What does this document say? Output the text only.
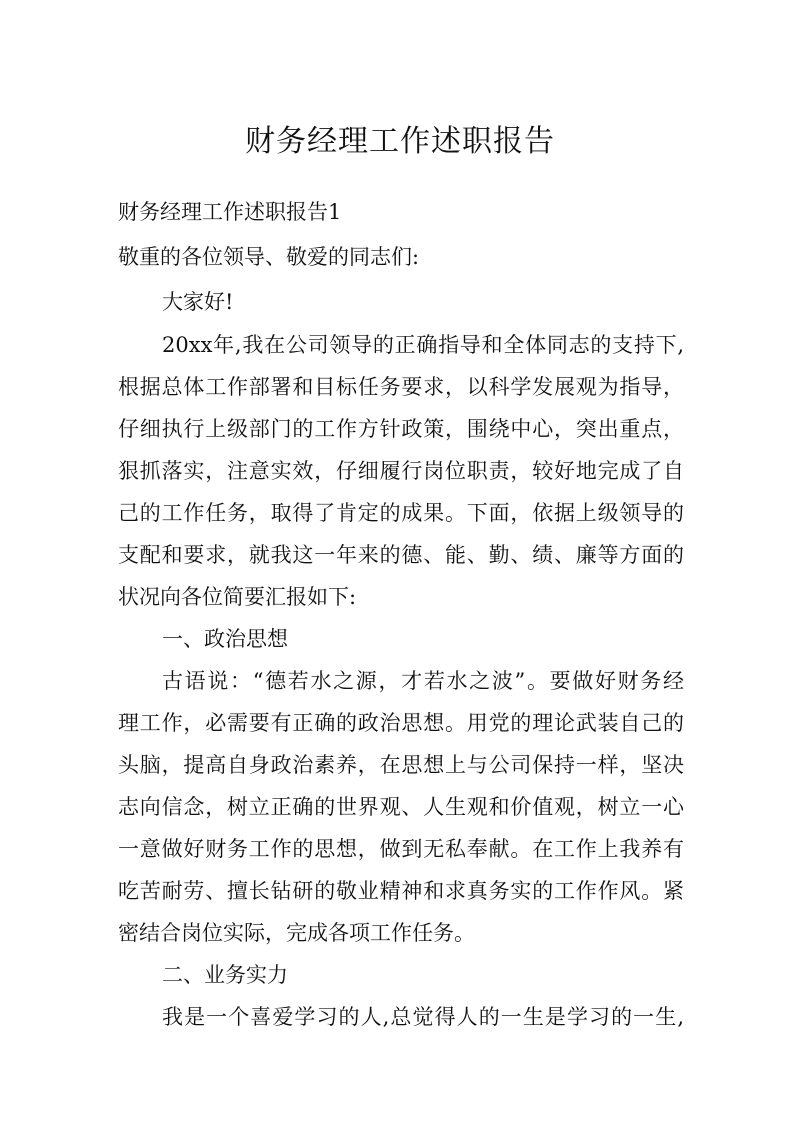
财务经理工作述职报告

财务经理工作述职报告1

敬重的各位领导、敬爱的同志们:

大家好!

20xx年,我在公司领导的正确指导和全体同志的支持下,

根据总体工作部署和目标任务要求，以科学发展观为指导，

仔细执行上级部门的工作方针政策，围绕中心，突出重点，

狠抓落实，注意实效，仔细履行岗位职责，较好地完成了自

己的工作任务，取得了肯定的成果。下面，依据上级领导的

支配和要求，就我这一年来的德、能、勤、绩、廉等方面的

状况向各位简要汇报如下:

一、政治思想

古语说：“德若水之源，才若水之波”。要做好财务经

理工作，必需要有正确的政治思想。用党的理论武装自己的

头脑，提高自身政治素养，在思想上与公司保持一样，坚决

志向信念，树立正确的世界观、人生观和价值观，树立一心

一意做好财务工作的思想，做到无私奉献。在工作上我养有

吃苦耐劳、擅长钻研的敬业精神和求真务实的工作作风。紧

密结合岗位实际，完成各项工作任务。

二、业务实力

我是一个喜爱学习的人,总觉得人的一生是学习的一生,
